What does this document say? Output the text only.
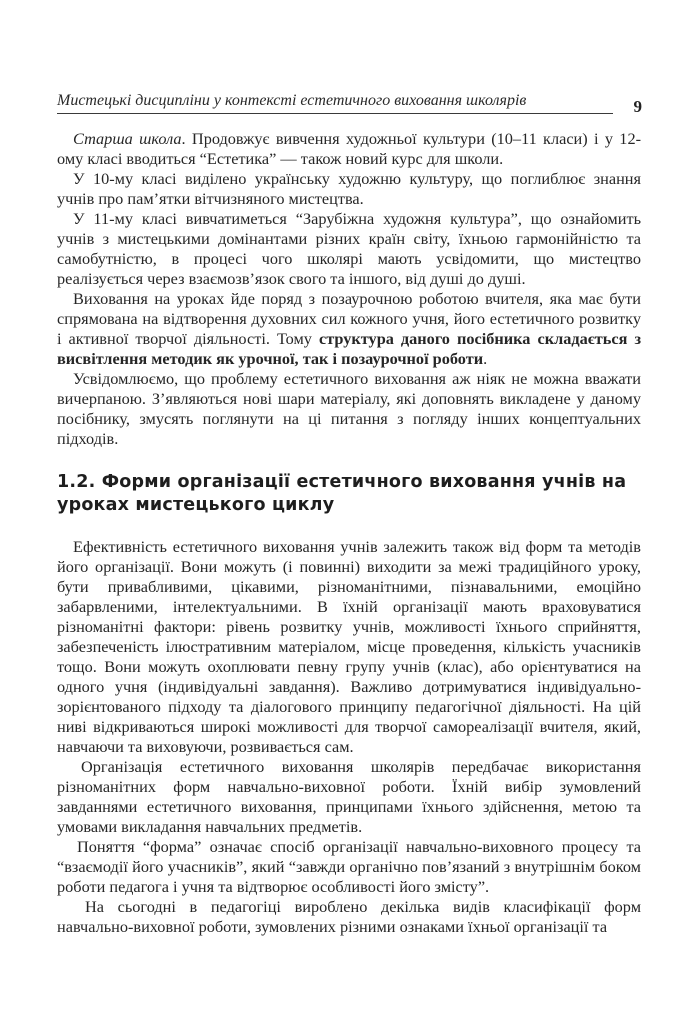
Мистецькі дисципліни у контексті естетичного виховання школярів	9

Старша школа. Продовжує вивчення художньої культури (10–11 класи) і у 12-ому класі вводиться “Естетика” — також новий курс для школи.

У 10-му класі виділено українську художню культуру, що поглиблює знання учнів про пам’ятки вітчизняного мистецтва.

У 11-му класі вивчатиметься “Зарубіжна художня культура”, що ознайомить учнів з мистецькими домінантами різних країн світу, їхньою гармонійністю та самобутністю, в процесі чого школярі мають усвідомити, що мистецтво реалізується через взаємозв’язок свого та іншого, від душі до душі.

Виховання на уроках йде поряд з позаурочною роботою вчителя, яка має бути спрямована на відтворення духовних сил кожного учня, його естетичного розвитку і активної творчої діяльності. Тому структура даного посібника складається з висвітлення методик як урочної, так і позаурочної роботи.

Усвідомлюємо, що проблему естетичного виховання аж ніяк не можна вважати вичерпаною. З’являються нові шари матеріалу, які доповнять викладене у даному посібнику, змусять поглянути на ці питання з погляду інших концептуальних підходів.

1.2. Форми організації естетичного виховання учнів на уроках мистецького циклу

Ефективність естетичного виховання учнів залежить також від форм та методів його організації. Вони можуть (і повинні) виходити за межі традиційного уроку, бути привабливими, цікавими, різноманітними, пізнавальними, емоційно забарвленими, інтелектуальними. В їхній організації мають враховуватися різноманітні фактори: рівень розвитку учнів, можливості їхнього сприйняття, забезпеченість ілюстративним матеріалом, місце проведення, кількість учасників тощо. Вони можуть охоплювати певну групу учнів (клас), або орієнтуватися на одного учня (індивідуальні завдання). Важливо дотримуватися індивідуально-зорієнтованого підходу та діалогового принципу педагогічної діяльності. На цій ниві відкриваються широкі можливості для творчої самореалізації вчителя, який, навчаючи та виховуючи, розвивається сам.

Організація естетичного виховання школярів передбачає використання різноманітних форм навчально-виховної роботи. Їхній вибір зумовлений завданнями естетичного виховання, принципами їхнього здійснення, метою та умовами викладання навчальних предметів.

Поняття “форма” означає спосіб організації навчально-виховного процесу та “взаємодії його учасників”, який “завжди органічно пов’язаний з внутрішнім боком роботи педагога і учня та відтворює особливості його змісту”.

На сьогодні в педагогіці вироблено декілька видів класифікації форм навчально-виховної роботи, зумовлених різними ознаками їхньої організації та
